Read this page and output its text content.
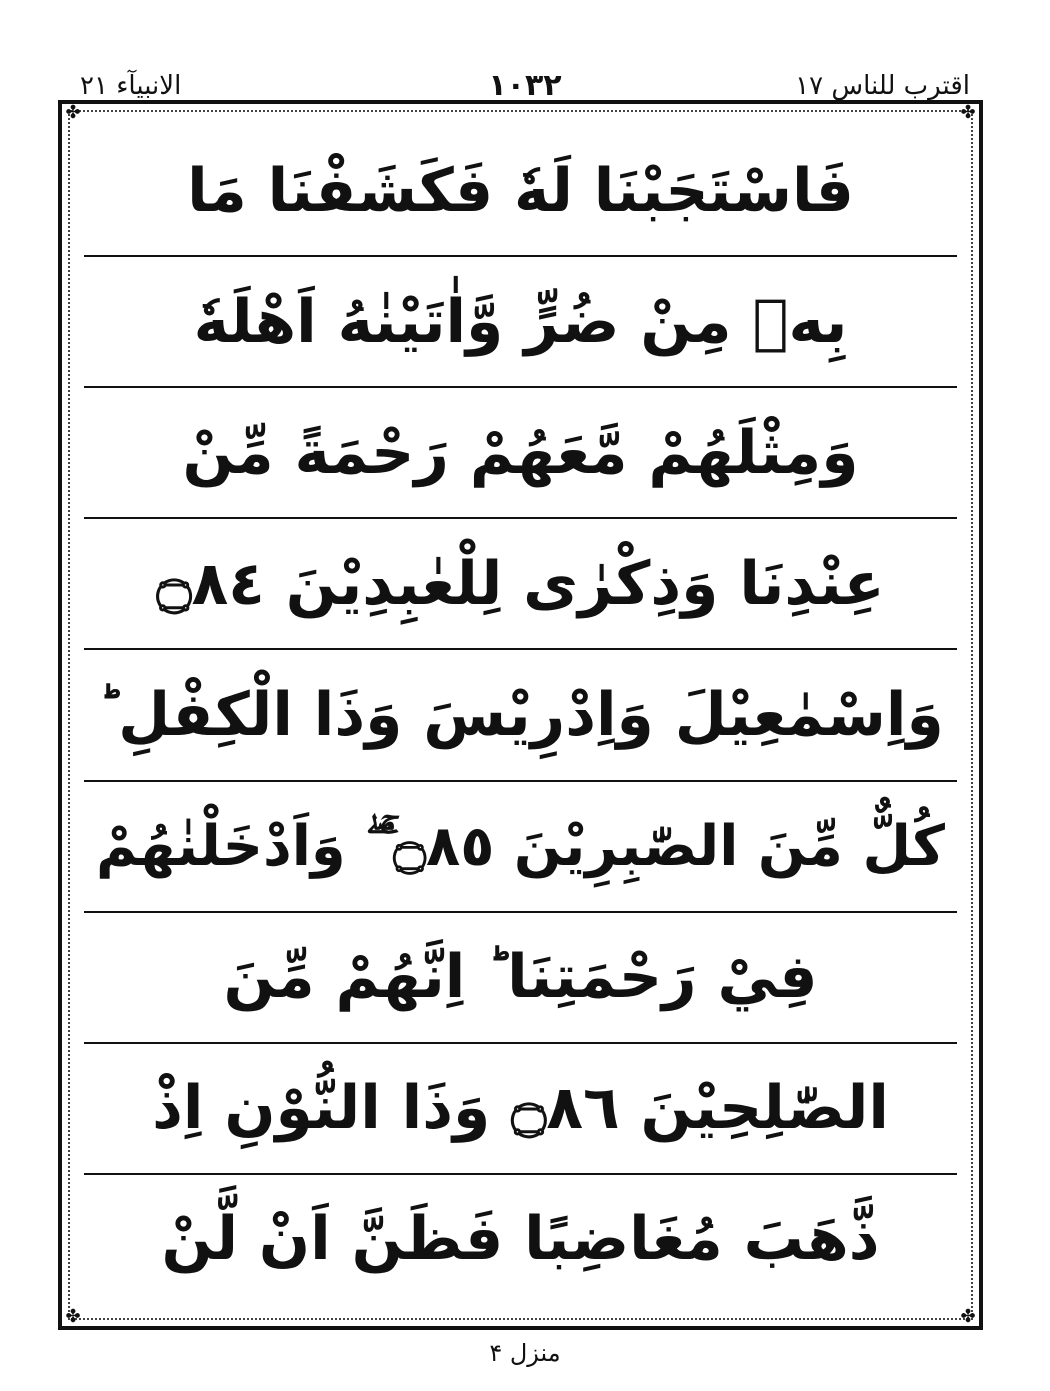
الانبیآء ۲۱	۱۰۳۲	اقترب للناس ۱۷
✤	✤
✤	✤
فَاسْتَجَبْنَا لَهٗ فَكَشَفْنَا مَا
بِهٖ مِنْ ضُرٍّ وَّاٰتَيْنٰهُ اَهْلَهٗ
وَمِثْلَهُمْ مَّعَهُمْ رَحْمَةً مِّنْ
عِنْدِنَا وَذِكْرٰى لِلْعٰبِدِيْنَ ۝٨٤
وَاِسْمٰعِيْلَ وَاِدْرِيْسَ وَذَا الْكِفْلِ ؕ
كُلٌّ مِّنَ الصّٰبِرِيْنَ ۝٨٥ ۚ ۖ وَاَدْخَلْنٰهُمْ
فِيْ رَحْمَتِنَا ؕ اِنَّهُمْ مِّنَ
الصّٰلِحِيْنَ ۝٨٦ وَذَا النُّوْنِ اِذْ
ذَّهَبَ مُغَاضِبًا فَظَنَّ اَنْ لَّنْ
منزل ۴
